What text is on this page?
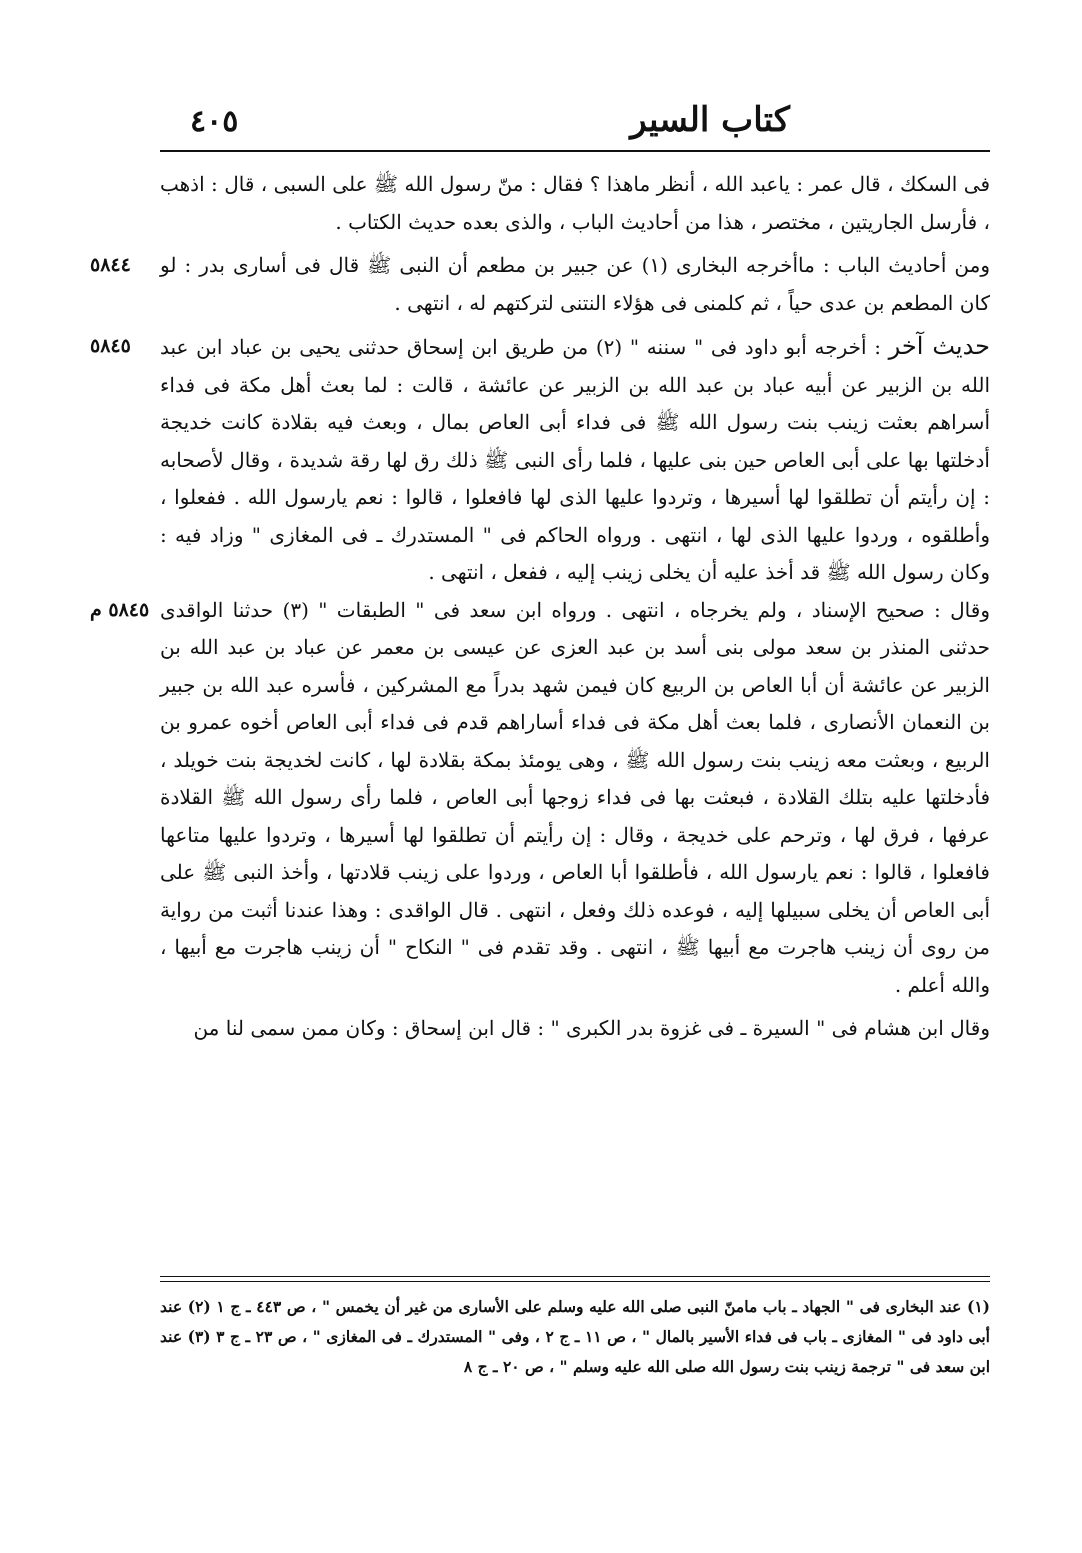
٤٠٥	كتاب السير

فى السكك ، قال عمر : ياعبد الله ، أنظر ماهذا ؟ فقال : منّ رسول الله ﷺ على السبى ، قال : اذهب ، فأرسل الجاريتين ، مختصر ، هذا من أحاديث الباب ، والذى بعده حديث الكتاب .

٥٨٤٤	ومن أحاديث الباب : ماأخرجه البخارى (١) عن جبير بن مطعم أن النبى ﷺ قال فى أسارى بدر : لو كان المطعم بن عدى حياً ، ثم كلمنى فى هؤلاء النتنى لتركتهم له ، انتهى .

٥٨٤٥	حديث آخر : أخرجه أبو داود فى " سننه " (٢) من طريق ابن إسحاق حدثنى يحيى بن عباد ابن عبد الله بن الزبير عن أبيه عباد بن عبد الله بن الزبير عن عائشة ، قالت : لما بعث أهل مكة فى فداء أسراهم بعثت زينب بنت رسول الله ﷺ فى فداء أبى العاص بمال ، وبعث فيه بقلادة كانت خديجة أدخلتها بها على أبى العاص حين بنى عليها ، فلما رأى النبى ﷺ ذلك رق لها رقة شديدة ، وقال لأصحابه : إن رأيتم أن تطلقوا لها أسيرها ، وتردوا عليها الذى لها فافعلوا ، قالوا : نعم يارسول الله . ففعلوا ، وأطلقوه ، وردوا عليها الذى لها ، انتهى . ورواه الحاكم فى " المستدرك ـ فى المغازى " وزاد فيه : وكان رسول الله ﷺ قد أخذ عليه أن يخلى زينب إليه ، ففعل ، انتهى .

٥٨٤٥ م وقال : صحيح الإسناد ، ولم يخرجاه ، انتهى . ورواه ابن سعد فى " الطبقات " (٣) حدثنا الواقدى حدثنى المنذر بن سعد مولى بنى أسد بن عبد العزى عن عيسى بن معمر عن عباد بن عبد الله بن الزبير عن عائشة أن أبا العاص بن الربيع كان فيمن شهد بدراً مع المشركين ، فأسره عبد الله بن جبير بن النعمان الأنصارى ، فلما بعث أهل مكة فى فداء أساراهم قدم فى فداء أبى العاص أخوه عمرو بن الربيع ، وبعثت معه زينب بنت رسول الله ﷺ ، وهى يومئذ بمكة بقلادة لها ، كانت لخديجة بنت خويلد ، فأدخلتها عليه بتلك القلادة ، فبعثت بها فى فداء زوجها أبى العاص ، فلما رأى رسول الله ﷺ القلادة عرفها ، فرق لها ، وترحم على خديجة ، وقال : إن رأيتم أن تطلقوا لها أسيرها ، وتردوا عليها متاعها فافعلوا ، قالوا : نعم يارسول الله ، فأطلقوا أبا العاص ، وردوا على زينب قلادتها ، وأخذ النبى ﷺ على أبى العاص أن يخلى سبيلها إليه ، فوعده ذلك وفعل ، انتهى . قال الواقدى : وهذا عندنا أثبت من رواية من روى أن زينب هاجرت مع أبيها ﷺ ، انتهى . وقد تقدم فى " النكاح " أن زينب هاجرت مع أبيها ، والله أعلم .

وقال ابن هشام فى " السيرة ـ فى غزوة بدر الكبرى " : قال ابن إسحاق : وكان ممن سمى لنا من

(١) عند البخارى فى " الجهاد ـ باب مامنّ النبى صلى الله عليه وسلم على الأسارى من غير أن يخمس " ، ص ٤٤٣ ـ ج ١ (٢) عند أبى داود فى " المغازى ـ باب فى فداء الأسير بالمال " ، ص ١١ ـ ج ٢ ، وفى " المستدرك ـ فى المغازى " ، ص ٢٣ ـ ج ٣ (٣) عند ابن سعد فى " ترجمة زينب بنت رسول الله صلى الله عليه وسلم " ، ص ٢٠ ـ ج ٨
